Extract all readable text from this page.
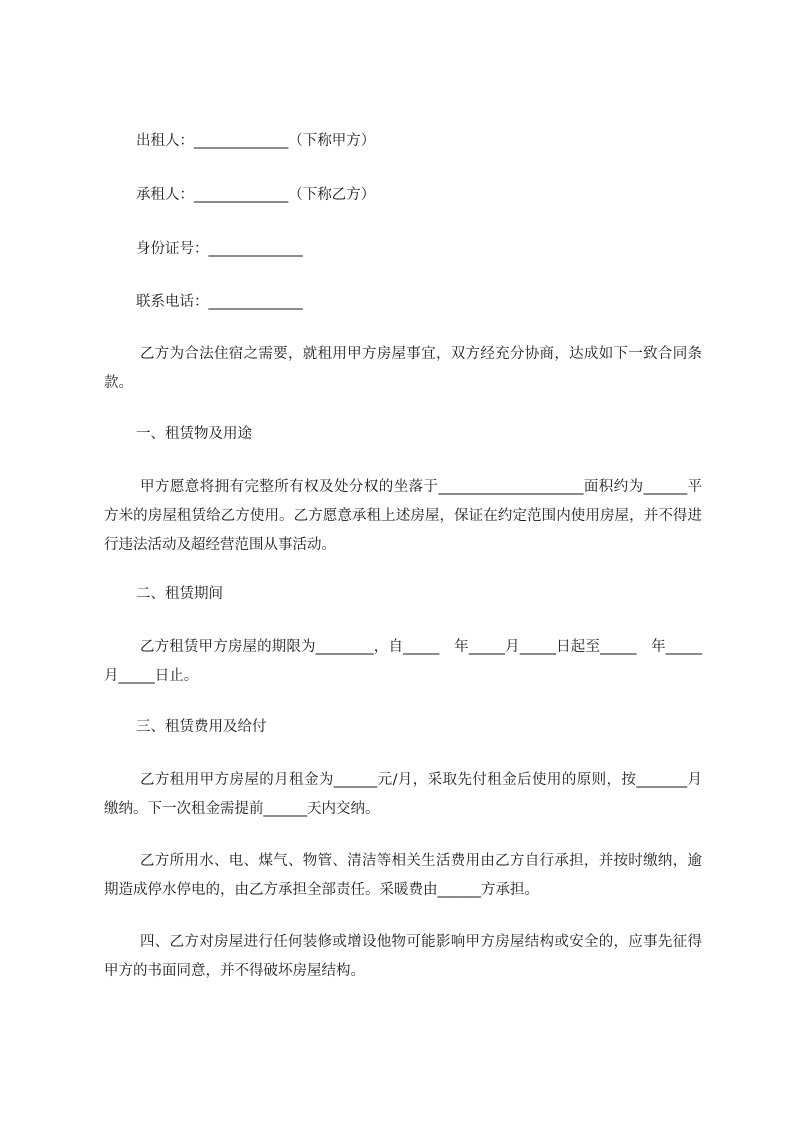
出租人：_____________（下称甲方）
承租人：_____________（下称乙方）
身份证号：_____________
联系电话：_____________
乙方为合法住宿之需要，就租用甲方房屋事宜，双方经充分协商，达成如下一致合同条款。
一、租赁物及用途
甲方愿意将拥有完整所有权及处分权的坐落于____________________面积约为______平方米的房屋租赁给乙方使用。乙方愿意承租上述房屋，保证在约定范围内使用房屋，并不得进行违法活动及超经营范围从事活动。
二、租赁期间
乙方租赁甲方房屋的期限为________，自_____　年_____月_____日起至_____　年_____　月_____日止。
三、租赁费用及给付
乙方租用甲方房屋的月租金为______元/月，采取先付租金后使用的原则，按_______月缴纳。下一次租金需提前______天内交纳。
乙方所用水、电、煤气、物管、清洁等相关生活费用由乙方自行承担，并按时缴纳，逾期造成停水停电的，由乙方承担全部责任。采暖费由______方承担。
四、乙方对房屋进行任何装修或增设他物可能影响甲方房屋结构或安全的，应事先征得甲方的书面同意，并不得破坏房屋结构。
